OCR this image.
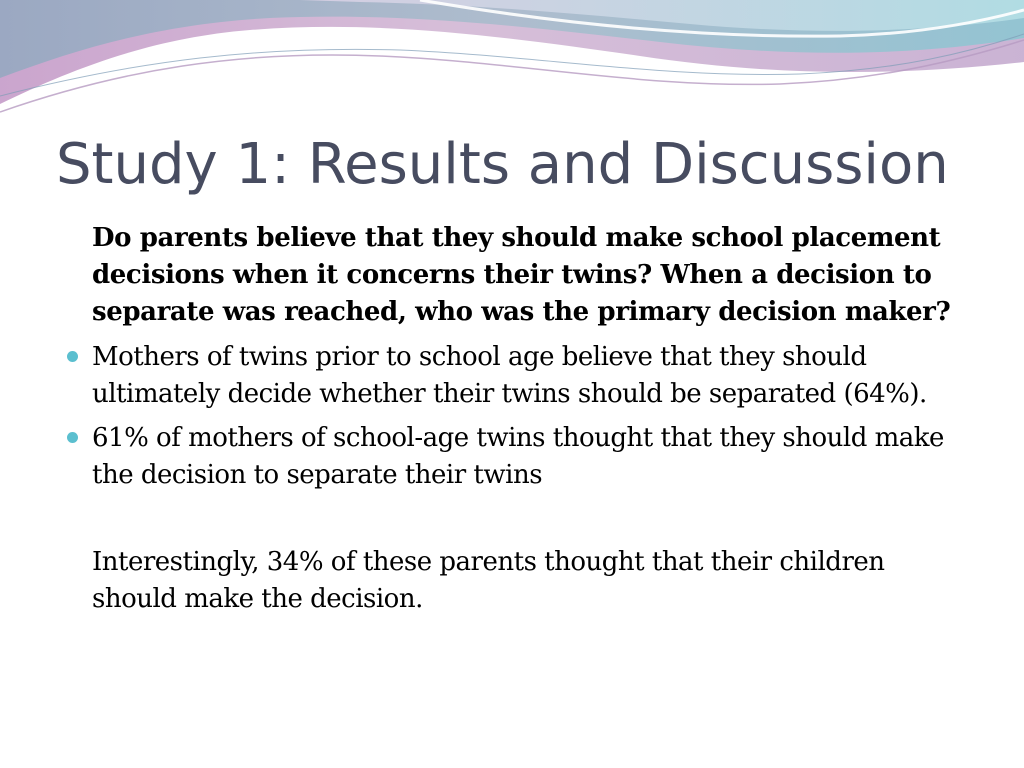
Study 1: Results and Discussion

Do parents believe that they should make school placement decisions when it concerns their twins? When a decision to separate was reached, who was the primary decision maker?

Mothers of twins prior to school age believe that they should ultimately decide whether their twins should be separated (64%).
61% of mothers of school-age twins thought that they should make the decision to separate their twins

Interestingly, 34% of these parents thought that their children should make the decision.
